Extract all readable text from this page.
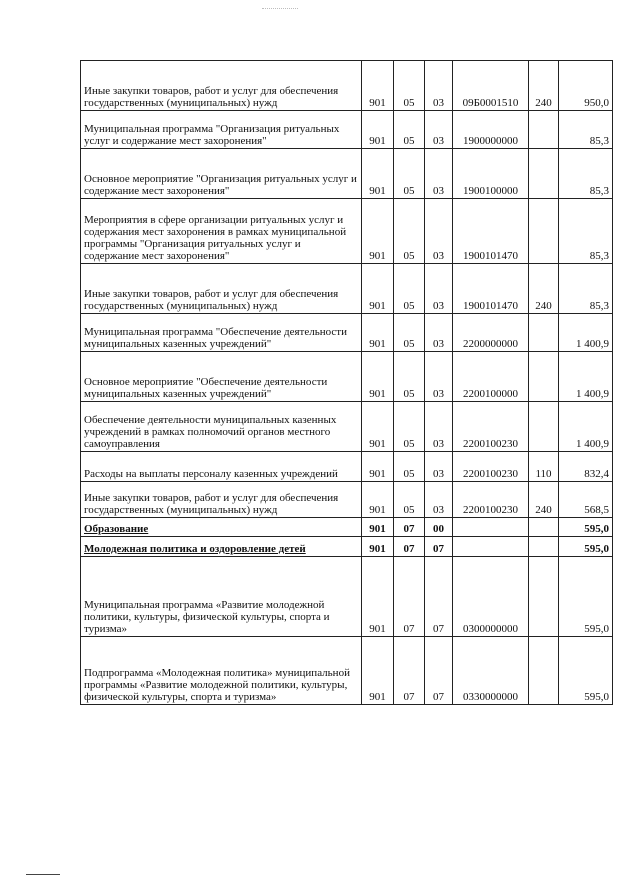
Иные закупки товаров, работ и услуг для обеспечения государственных (муниципальных) нужд	901	05	03	09Б0001510	240	950,0
Муниципальная программа "Организация ритуальных услуг и содержание мест захоронения"	901	05	03	1900000000		85,3
Основное мероприятие "Организация ритуальных услуг и содержание мест захоронения"	901	05	03	1900100000		85,3
Мероприятия в сфере организации ритуальных услуг и содержания мест захоронения в рамках муниципальной программы "Организация ритуальных услуг и содержание мест захоронения"	901	05	03	1900101470		85,3
Иные закупки товаров, работ и услуг для обеспечения государственных (муниципальных) нужд	901	05	03	1900101470	240	85,3
Муниципальная программа "Обеспечение деятельности муниципальных казенных учреждений"	901	05	03	2200000000		1 400,9
Основное мероприятие "Обеспечение деятельности муниципальных казенных учреждений"	901	05	03	2200100000		1 400,9
Обеспечение деятельности муниципальных казенных учреждений в рамках полномочий органов местного самоуправления	901	05	03	2200100230		1 400,9
Расходы на выплаты персоналу казенных учреждений	901	05	03	2200100230	110	832,4
Иные закупки товаров, работ и услуг для обеспечения государственных (муниципальных) нужд	901	05	03	2200100230	240	568,5
Образование	901	07	00			595,0
Молодежная политика и оздоровление детей	901	07	07			595,0
Муниципальная программа «Развитие молодежной политики, культуры, физической культуры, спорта и туризма»	901	07	07	0300000000		595,0
Подпрограмма «Молодежная политика» муниципальной программы «Развитие молодежной политики, культуры, физической культуры, спорта и туризма»	901	07	07	0330000000		595,0
